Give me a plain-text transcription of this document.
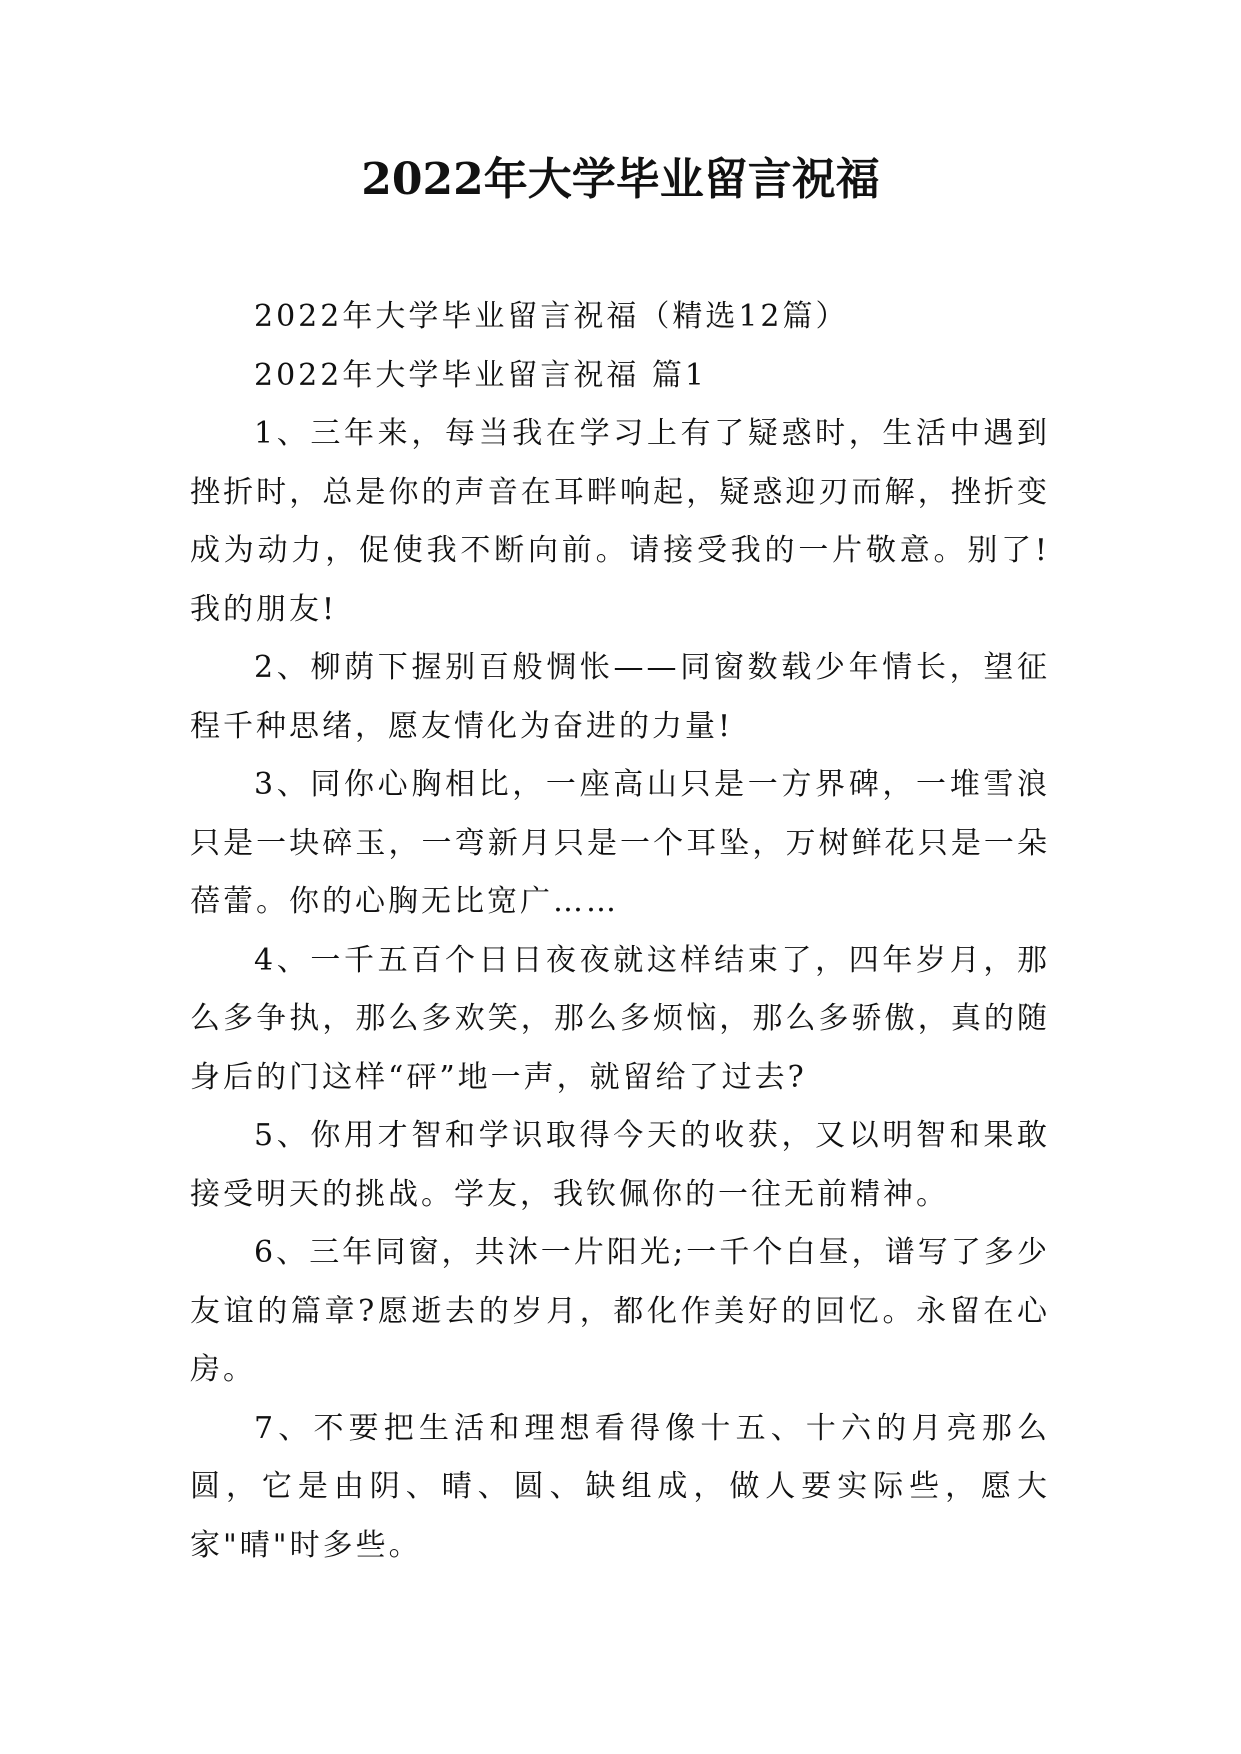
2022年大学毕业留言祝福

2022年大学毕业留言祝福（精选12篇）

2022年大学毕业留言祝福 篇1

1、三年来，每当我在学习上有了疑惑时，生活中遇到挫折时，总是你的声音在耳畔响起，疑惑迎刃而解，挫折变成为动力，促使我不断向前。请接受我的一片敬意。别了!我的朋友!

2、柳荫下握别百般惆怅——同窗数载少年情长，望征程千种思绪，愿友情化为奋进的力量!

3、同你心胸相比，一座高山只是一方界碑，一堆雪浪只是一块碎玉，一弯新月只是一个耳坠，万树鲜花只是一朵蓓蕾。你的心胸无比宽广……

4、一千五百个日日夜夜就这样结束了，四年岁月，那么多争执，那么多欢笑，那么多烦恼，那么多骄傲，真的随身后的门这样“砰”地一声，就留给了过去?

5、你用才智和学识取得今天的收获，又以明智和果敢接受明天的挑战。学友，我钦佩你的一往无前精神。

6、三年同窗，共沐一片阳光;一千个白昼，谱写了多少友谊的篇章?愿逝去的岁月，都化作美好的回忆。永留在心房。

7、不要把生活和理想看得像十五、十六的月亮那么圆，它是由阴、晴、圆、缺组成，做人要实际些，愿大家"晴"时多些。
